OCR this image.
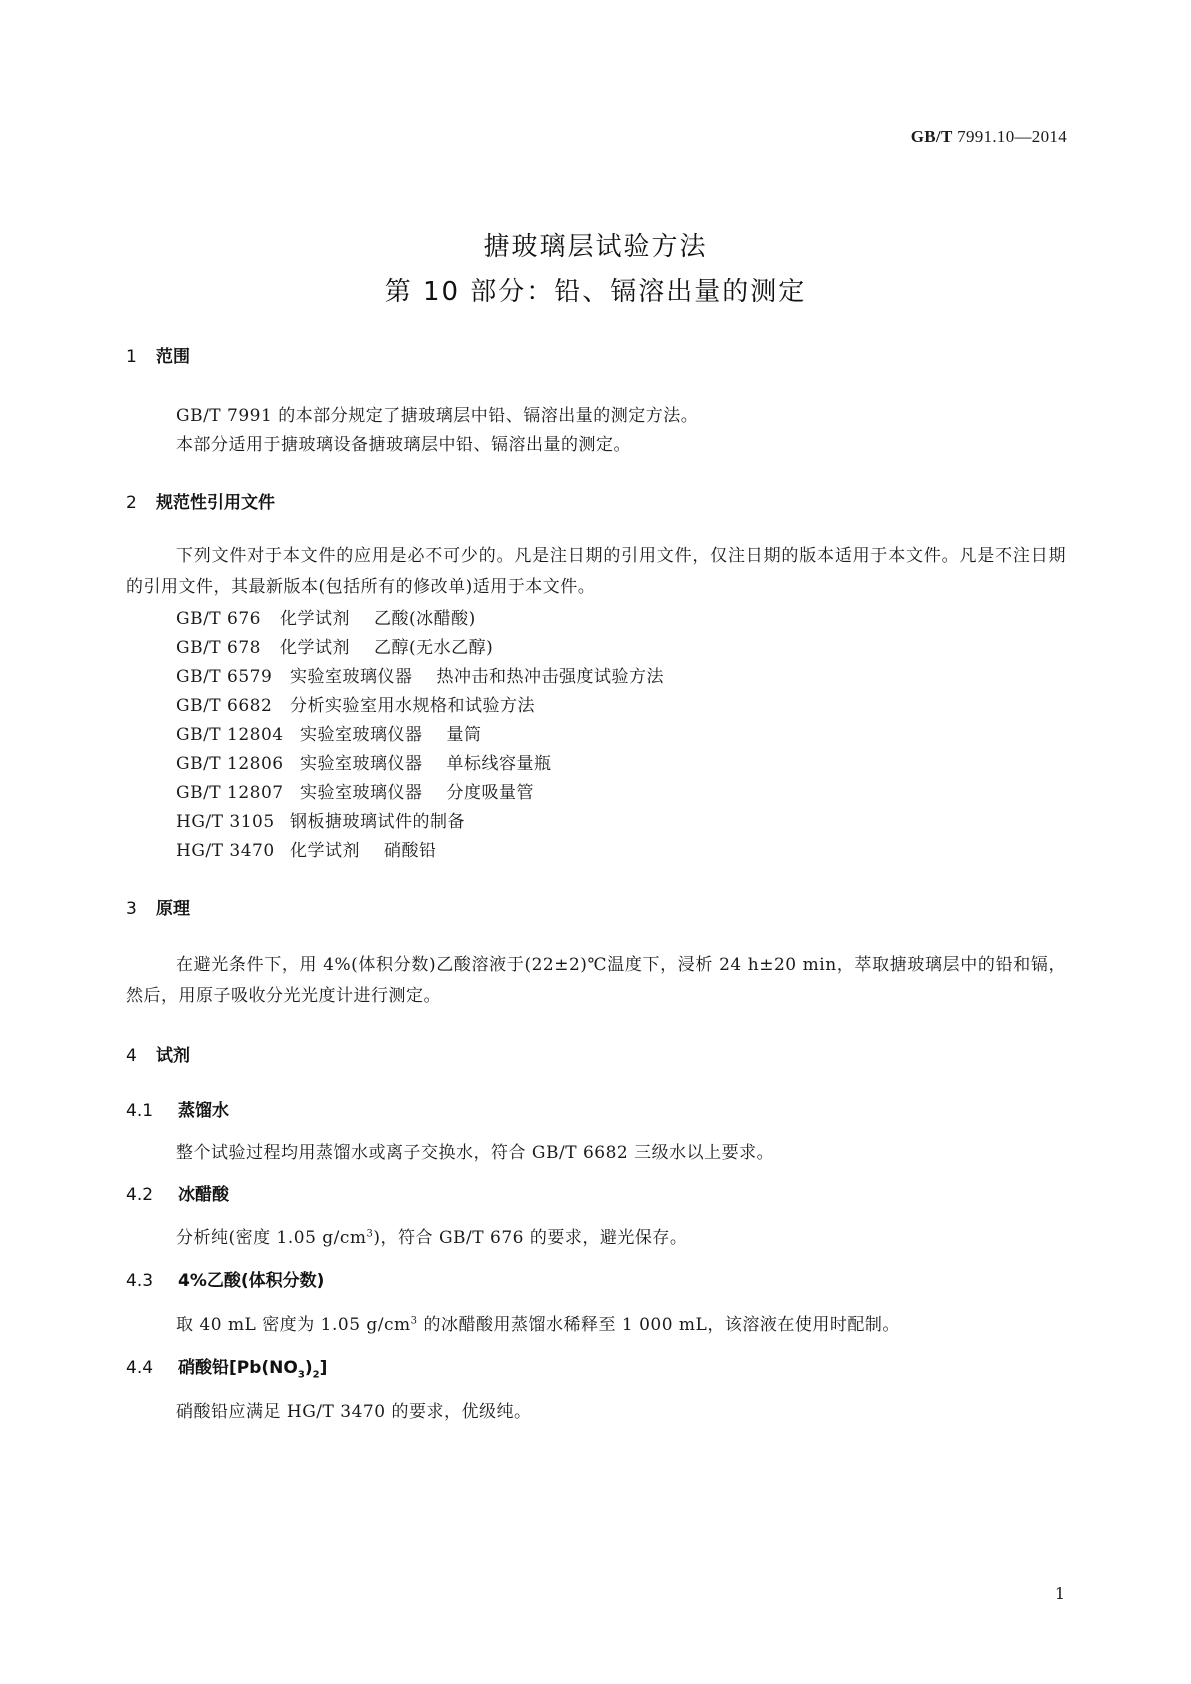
GB/T 7991.10—2014
搪玻璃层试验方法
第 10 部分：铅、镉溶出量的测定
1 范围
GB/T 7991 的本部分规定了搪玻璃层中铅、镉溶出量的测定方法。
本部分适用于搪玻璃设备搪玻璃层中铅、镉溶出量的测定。
2 规范性引用文件
下列文件对于本文件的应用是必不可少的。凡是注日期的引用文件，仅注日期的版本适用于本文件。凡是不注日期的引用文件，其最新版本(包括所有的修改单)适用于本文件。
GB/T 676 化学试剂 乙酸(冰醋酸)
GB/T 678 化学试剂 乙醇(无水乙醇)
GB/T 6579 实验室玻璃仪器 热冲击和热冲击强度试验方法
GB/T 6682 分析实验室用水规格和试验方法
GB/T 12804 实验室玻璃仪器 量筒
GB/T 12806 实验室玻璃仪器 单标线容量瓶
GB/T 12807 实验室玻璃仪器 分度吸量管
HG/T 3105 钢板搪玻璃试件的制备
HG/T 3470 化学试剂 硝酸铅
3 原理
在避光条件下，用 4%(体积分数)乙酸溶液于(22±2)℃温度下，浸析 24 h±20 min，萃取搪玻璃层中的铅和镉，然后，用原子吸收分光光度计进行测定。
4 试剂
4.1 蒸馏水
整个试验过程均用蒸馏水或离子交换水，符合 GB/T 6682 三级水以上要求。
4.2 冰醋酸
分析纯(密度 1.05 $g/cm^3$)，符合 GB/T 676 的要求，避光保存。
4.3 4%乙酸(体积分数)
取 40 mL 密度为 1.05 $g/cm^3$ 的冰醋酸用蒸馏水稀释至 1 000 mL，该溶液在使用时配制。
4.4 硝酸铅$[Pb(NO_3)_2]$
硝酸铅应满足 HG/T 3470 的要求，优级纯。
1
